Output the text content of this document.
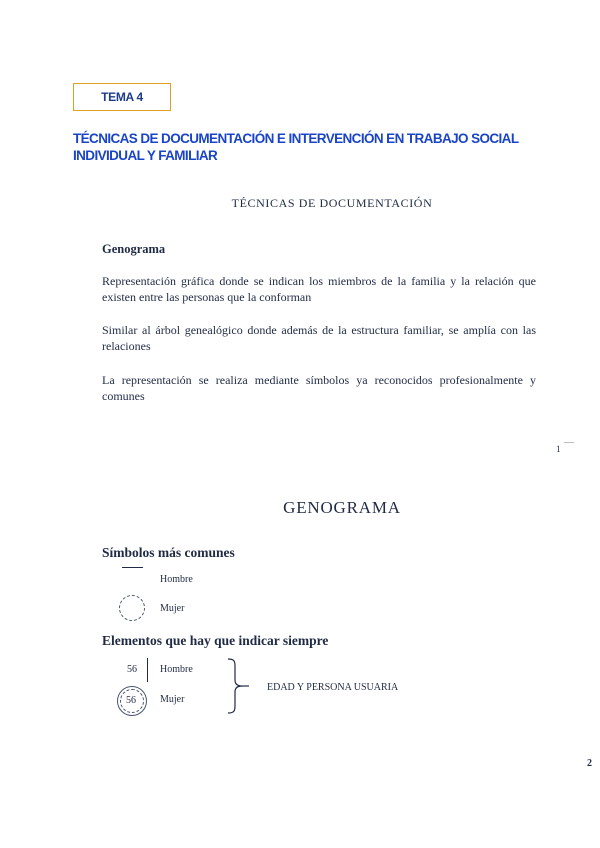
TEMA 4
TÉCNICAS DE DOCUMENTACIÓN E INTERVENCIÓN EN TRABAJO SOCIAL
INDIVIDUAL Y FAMILIAR
TÉCNICAS DE DOCUMENTACIÓN
Genograma
Representación gráfica donde se indican los miembros de la familia y la relación que existen entre las personas que la conforman
Similar al árbol genealógico donde además de la estructura familiar, se amplía con las relaciones
La representación se realiza mediante símbolos ya reconocidos profesionalmente y comunes
1
GENOGRAMA
Símbolos más comunes
Hombre
Mujer
Elementos que hay que indicar siempre
56 Hombre
56 Mujer
EDAD Y PERSONA USUARIA
2
